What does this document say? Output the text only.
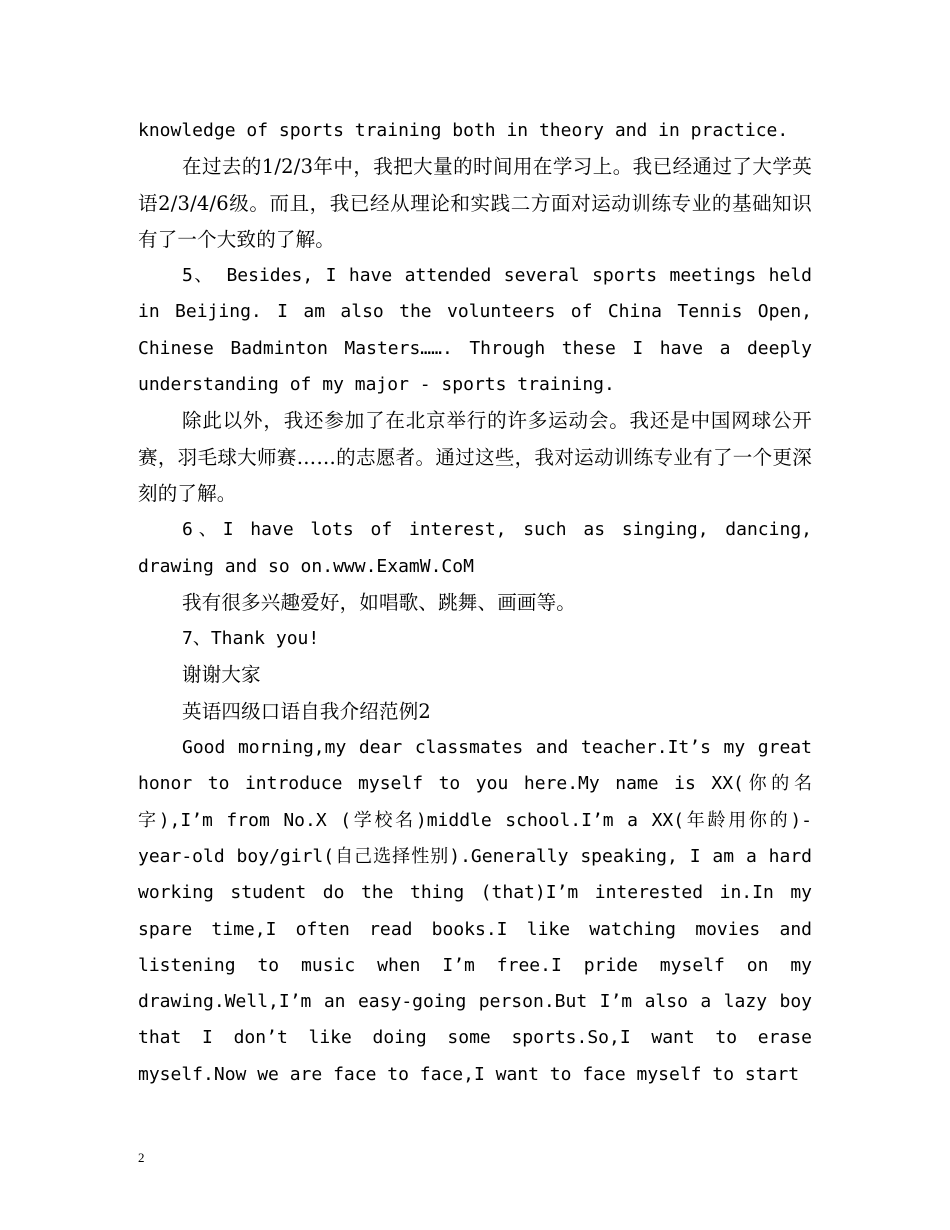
knowledge of sports training both in theory and in practice.

在过去的1/2/3年中，我把大量的时间用在学习上。我已经通过了大学英语2/3/4/6级。而且，我已经从理论和实践二方面对运动训练专业的基础知识有了一个大致的了解。

5、 Besides, I have attended several sports meetings held in Beijing. I am also the volunteers of China Tennis Open, Chinese Badminton Masters……. Through these I have a deeply understanding of my major - sports training.

除此以外，我还参加了在北京举行的许多运动会。我还是中国网球公开赛，羽毛球大师赛……的志愿者。通过这些，我对运动训练专业有了一个更深刻的了解。

6、I have lots of interest, such as singing, dancing, drawing and so on.www.ExamW.CoM

我有很多兴趣爱好，如唱歌、跳舞、画画等。

7、Thank you!

谢谢大家

英语四级口语自我介绍范例2

Good morning,my dear classmates and teacher.It’s my great honor to introduce myself to you here.My name is XX(你的名字),I’m from No.X (学校名)middle school.I’m a XX(年龄用你的)-year-old boy/girl(自己选择性别).Generally speaking, I am a hard working student do the thing (that)I’m interested in.In my spare time,I often read books.I like watching movies and listening to music when I’m free.I pride myself on my drawing.Well,I’m an easy-going person.But I’m also a lazy boy that I don’t like doing some sports.So,I want to erase myself.Now we are face to face,I want to face myself to start

2
